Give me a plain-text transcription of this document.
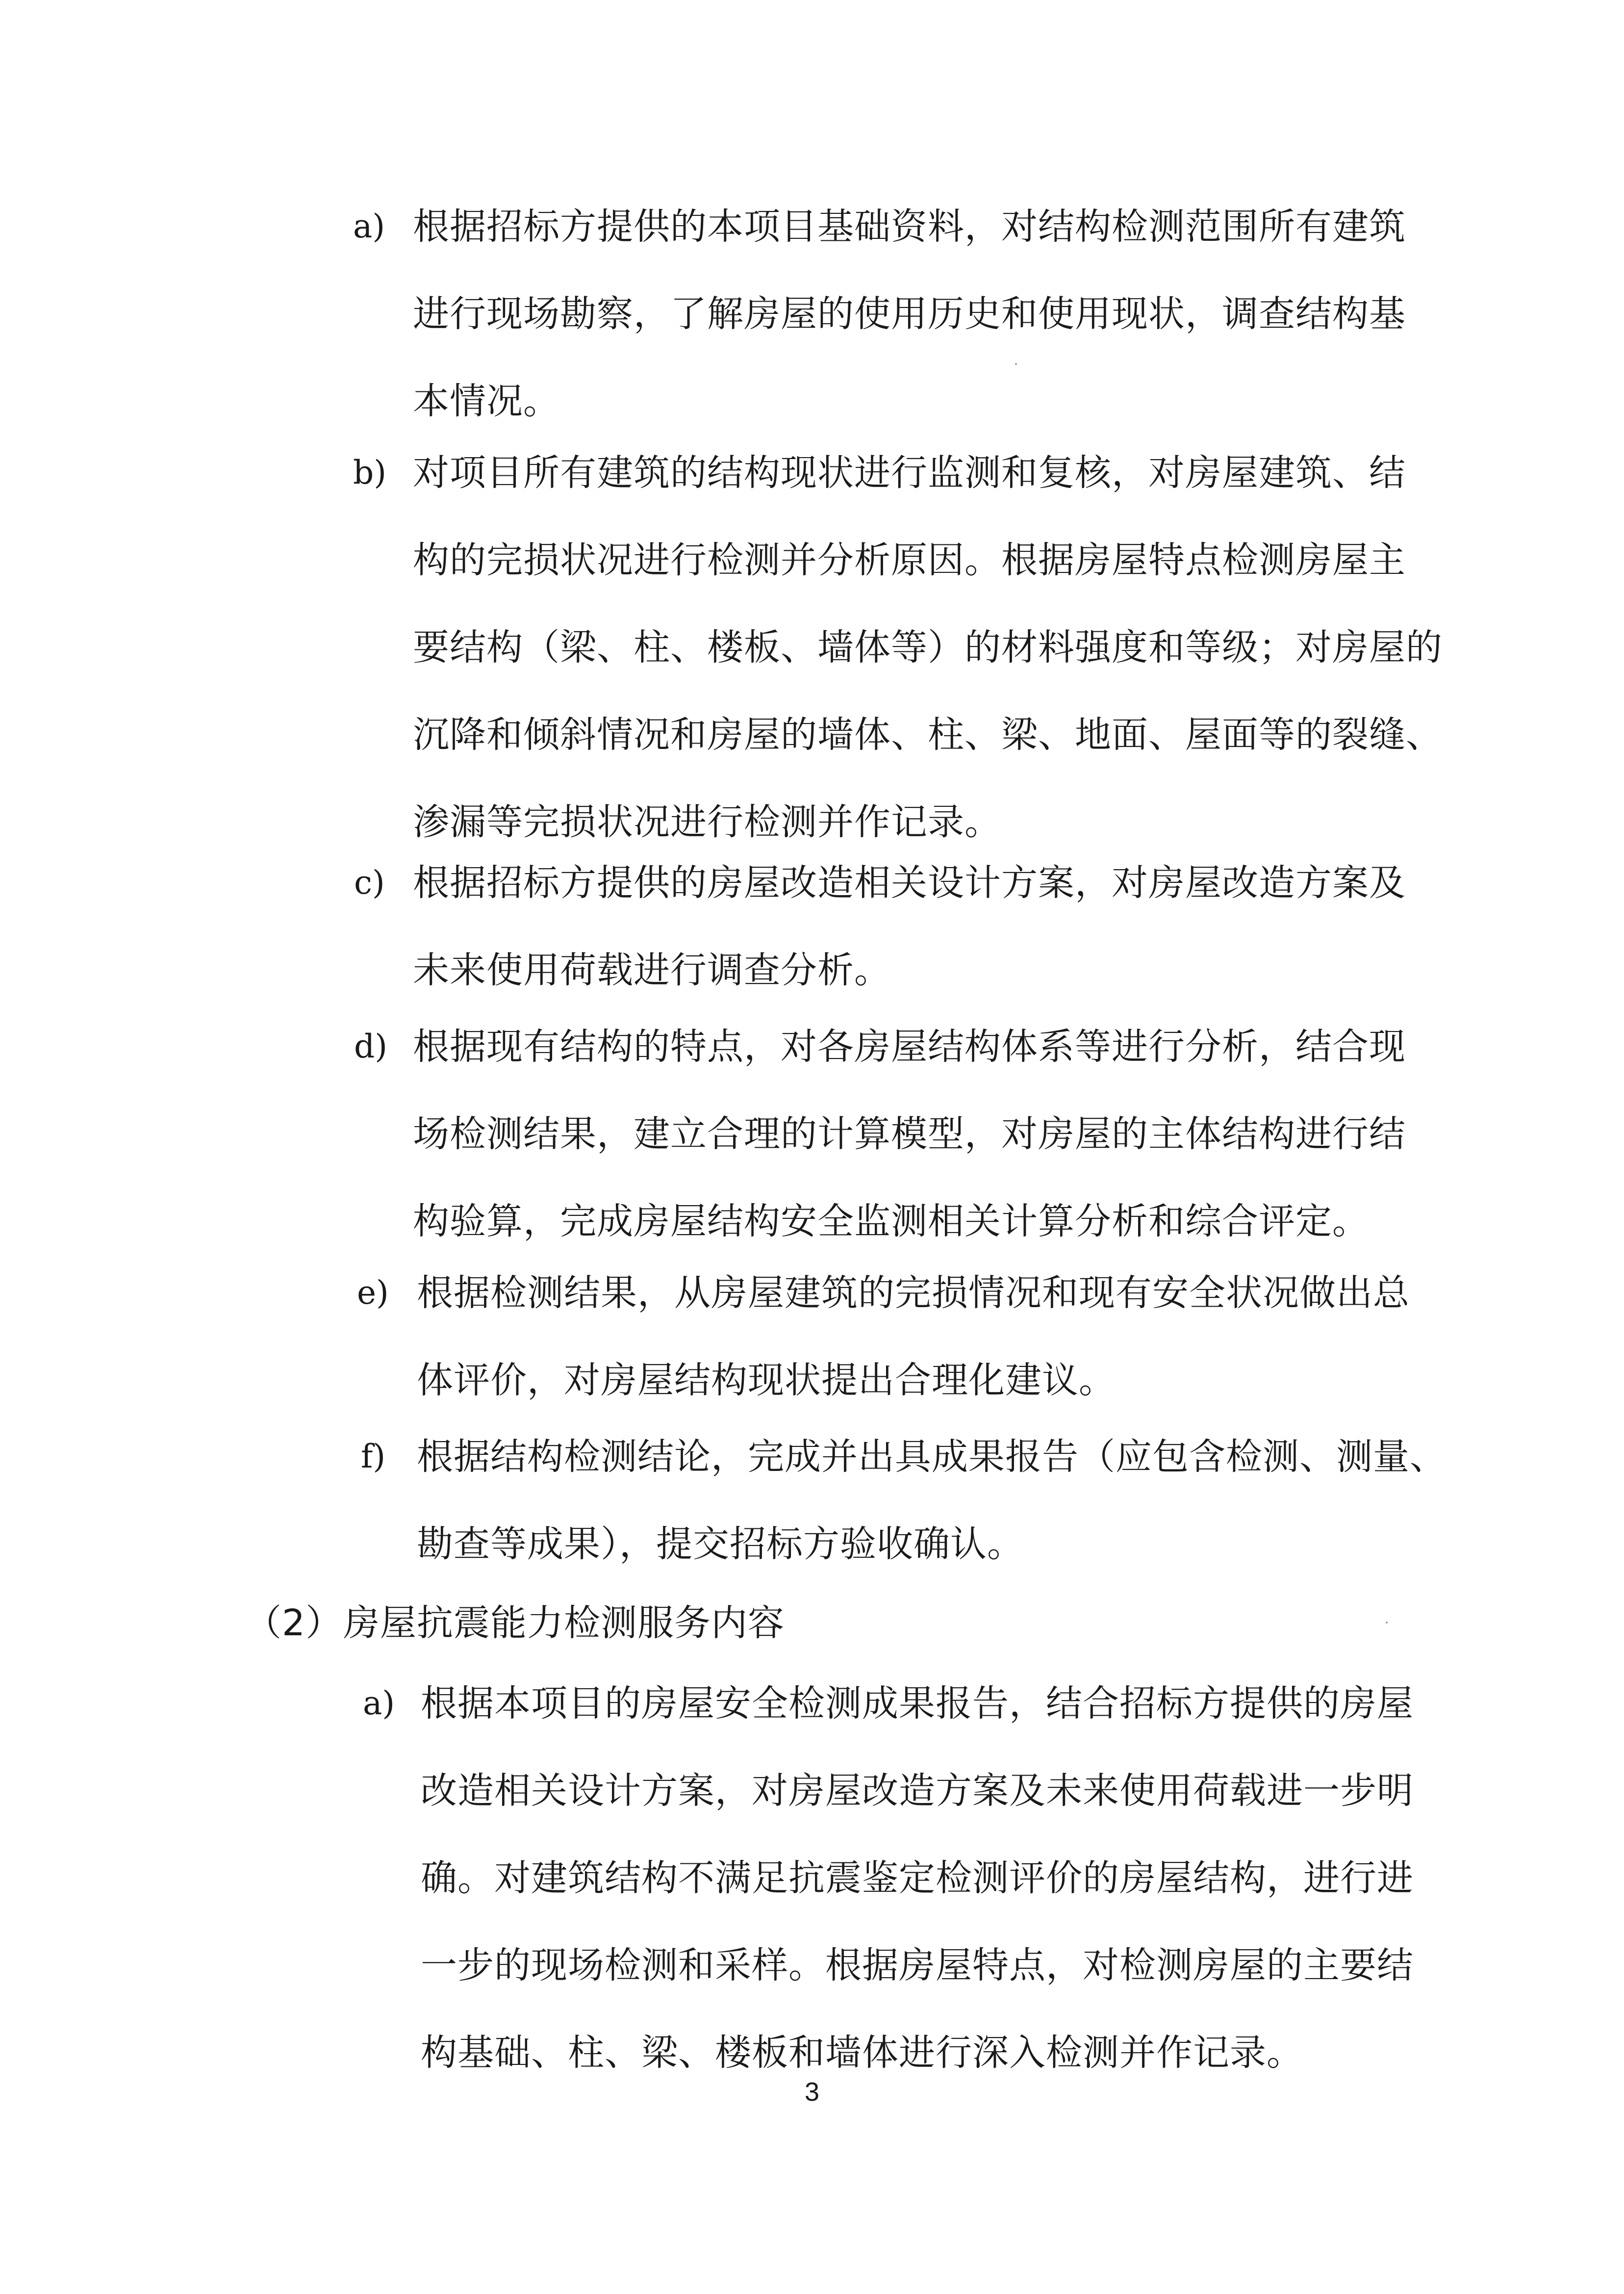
a) 根据招标方提供的本项目基础资料，对结构检测范围所有建筑
进行现场勘察，了解房屋的使用历史和使用现状，调查结构基
本情况。
b) 对项目所有建筑的结构现状进行监测和复核，对房屋建筑、结
构的完损状况进行检测并分析原因。根据房屋特点检测房屋主
要结构（梁、柱、楼板、墙体等）的材料强度和等级；对房屋的
沉降和倾斜情况和房屋的墙体、柱、梁、地面、屋面等的裂缝、
渗漏等完损状况进行检测并作记录。
c) 根据招标方提供的房屋改造相关设计方案，对房屋改造方案及
未来使用荷载进行调查分析。
d) 根据现有结构的特点，对各房屋结构体系等进行分析，结合现
场检测结果，建立合理的计算模型，对房屋的主体结构进行结
构验算，完成房屋结构安全监测相关计算分析和综合评定。
e) 根据检测结果，从房屋建筑的完损情况和现有安全状况做出总
体评价，对房屋结构现状提出合理化建议。
f) 根据结构检测结论，完成并出具成果报告（应包含检测、测量、
勘查等成果），提交招标方验收确认。
（2） 房屋抗震能力检测服务内容
a) 根据本项目的房屋安全检测成果报告，结合招标方提供的房屋
改造相关设计方案，对房屋改造方案及未来使用荷载进一步明
确。对建筑结构不满足抗震鉴定检测评价的房屋结构，进行进
一步的现场检测和采样。根据房屋特点，对检测房屋的主要结
构基础、柱、梁、楼板和墙体进行深入检测并作记录。
3
